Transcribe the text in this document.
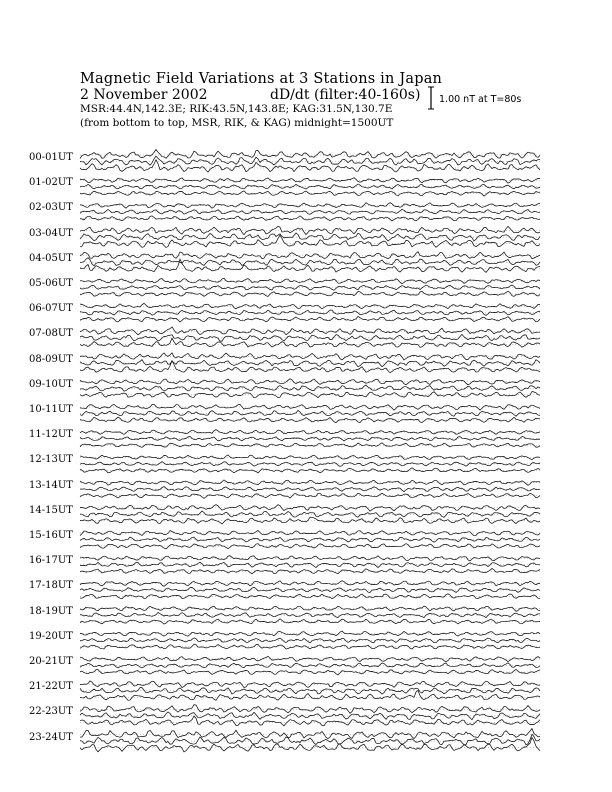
Magnetic Field Variations at 3 Stations in Japan
2 November 2002	dD/dt (filter:40-160s)
MSR:44.4N,142.3E; RIK:43.5N,143.8E; KAG:31.5N,130.7E
(from bottom to top, MSR, RIK, & KAG) midnight=1500UT
1.00 nT at T=80s
00-01UT
01-02UT
02-03UT
03-04UT
04-05UT
05-06UT
06-07UT
07-08UT
08-09UT
09-10UT
10-11UT
11-12UT
12-13UT
13-14UT
14-15UT
15-16UT
16-17UT
17-18UT
18-19UT
19-20UT
20-21UT
21-22UT
22-23UT
23-24UT
